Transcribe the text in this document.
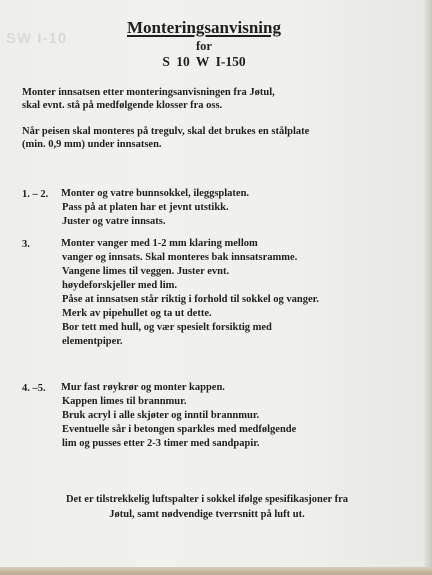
SW I-10
Monteringsanvisning
for
S 10 W I-150
Monter innsatsen etter monteringsanvisningen fra Jøtul,
skal evnt. stå på medfølgende klosser fra oss.
Når peisen skal monteres på tregulv, skal det brukes en stålplate
(min. 0,9 mm) under innsatsen.
1. – 2. Monter og vatre bunnsokkel, ileggsplaten.
Pass på at platen har et jevnt utstikk.
Juster og vatre innsats.
3.	Monter vanger med 1-2 mm klaring mellom
vanger og innsats. Skal monteres bak innsatsramme.
Vangene limes til veggen. Juster evnt.
høydeforskjeller med lim.
Påse at innsatsen står riktig i forhold til sokkel og vanger.
Merk av pipehullet og ta ut dette.
Bor tett med hull, og vær spesielt forsiktig med
elementpiper.
4. –5. Mur fast røykrør og monter kappen.
Kappen limes til brannmur.
Bruk acryl i alle skjøter og inntil brannmur.
Eventuelle sår i betongen sparkles med medfølgende
lim og pusses etter 2-3 timer med sandpapir.
Det er tilstrekkelig luftspalter i sokkel ifølge spesifikasjoner fra
Jøtul, samt nødvendige tverrsnitt på luft ut.
